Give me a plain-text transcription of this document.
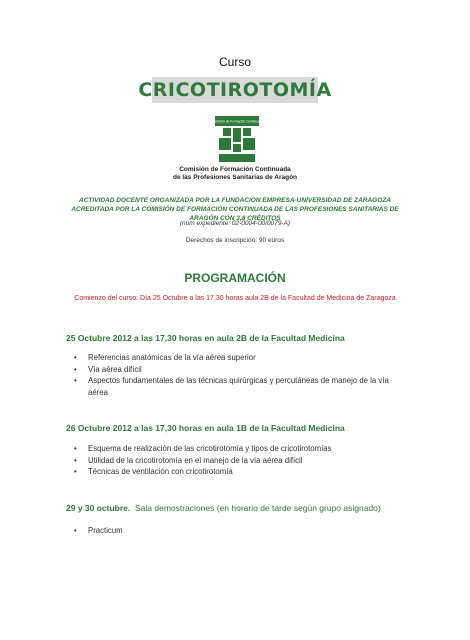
Curso
CRICOTIROTOMÍA
Comisión de Formación Continuada
Comisión de Formación Continuada
de las Profesiones Sanitarias de Aragón
ACTIVIDAD DOCENTE ORGANIZADA POR LA FUNDACION EMPRESA-UNIVERSIDAD DE ZARAGOZA ACREDITADA POR LA COMISIÓN DE FORMACIÓN CONTINUADA DE LAS PROFESIONES SANITARIAS DE ARAGÓN CON 3,8 CRÉDITOS
(núm expediente: 02-0004-00/0079-A)
Derechos de inscripción: 90 euros
PROGRAMACIÓN
Comienzo del curso: Día 25 Octubre a las 17,30 horas aula 2B de la Facultad de Medicina de Zaragoza
25 Octubre 2012 a las 17,30 horas en aula 2B de la Facultad Medicina
• Referencias anatómicas de la vía aérea superior
• Vía aérea difícil
• Aspectos fundamentales de las técnicas quirúrgicas y percutáneas de manejo de la vía aérea
26 Octubre 2012 a las 17,30 horas en aula 1B de la Facultad Medicina
• Esquema de realización de las cricotirotomía y tipos de cricotirotomías
• Utilidad de la cricotirotomía en el manejo de la vía aérea difícil
• Técnicas de ventilación con cricotirotomía
29 y 30 octubre. Sala demostraciones (en horario de tarde según grupo asignado)
• Practicum
